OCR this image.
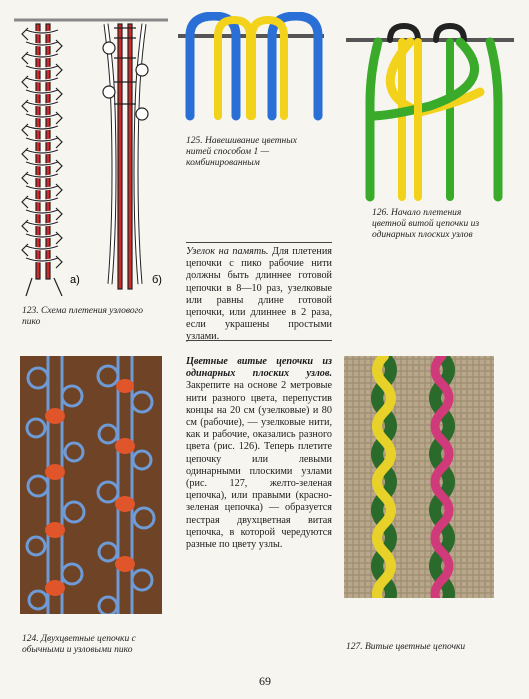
а)	б)
123. Схема плетения узлового пико
125. Навешивание цветных нитей способом 1 — комбинированным
126. Начало плетения цветной витой цепочки из одинарных плоских узлов
Узелок на память. Для плетения цепочки с пико рабочие нити должны быть длиннее готовой цепочки в 8—10 раз, узелковые или равны длине готовой цепочки, или длиннее в 2 раза, если украшены простыми узлами.
124. Двухцветные цепочки с обычными и узловыми пико
Цветные витые цепочки из одинарных плоских узлов. Закрепите на основе 2 метровые нити разного цвета, перепустив концы на 20 см (узелковые) и 80 см (рабочие), — узелковые нити, как и рабочие, оказались разного цвета (рис. 126). Теперь плетите цепочку или левыми одинарными плоскими узлами (рис. 127, желто-зеленая цепочка), или правыми (красно-зеленая цепочка) — образуется пестрая двухцветная витая цепочка, в которой чередуются разные по цвету узлы.
127. Витые цветные цепочки
69
